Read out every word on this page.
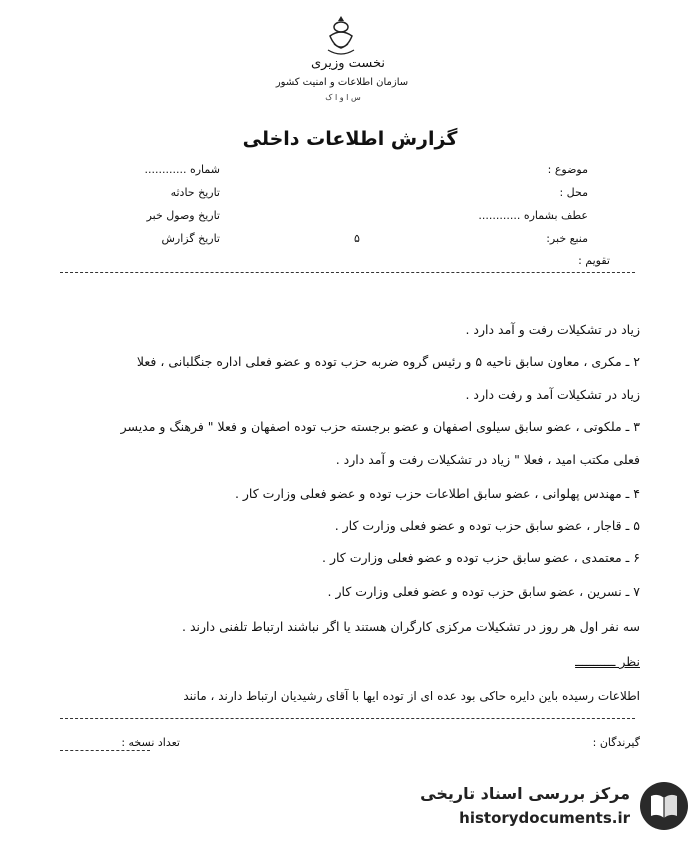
نخست وزیری
سازمان اطلاعات و امنیت کشور
س ا و ا ک
گزارش اطلاعات داخلی
موضوع :
محل :
عطف بشماره ............
منبع خبر:
تقویم :
شماره ............
تاریخ حادثه
تاریخ وصول خبر
تاریخ گزارش	۵
زیاد در تشکیلات رفت و آمد دارد .
۲ ـ مکری ، معاون سابق ناحیه ۵ و رئیس گروه ضربه حزب توده و عضو فعلی اداره جنگلبانی ، فعلا
زیاد در تشکیلات آمد و رفت دارد .
۳ ـ ملکوتی ، عضو سابق سیلوی اصفهان و عضو برجسته حزب توده اصفهان و فعلا " فرهنگ و مدیسر
فعلی مکتب امید ، فعلا " زیاد در تشکیلات رفت و آمد دارد .
۴ ـ مهندس پهلوانی ، عضو سابق اطلاعات حزب توده و عضو فعلی وزارت کار .
۵ ـ قاجار ، عضو سابق حزب توده و عضو فعلی وزارت کار .
۶ ـ معتمدی ، عضو سابق حزب توده و عضو فعلی وزارت کار .
۷ ـ نسرین ، عضو سابق حزب توده و عضو فعلی وزارت کار .
سه نفر اول هر روز در تشکیلات مرکزی کارگران هستند یا اگر نباشند ارتباط تلفنی دارند .
نظر ـــــــــــ
اطلاعات رسیده باین دایره حاکی بود عده ای از توده ایها با آقای رشیدیان ارتباط دارند ، مانند
گیرندگان :
تعداد نسخه :
مرکز بررسی اسناد تاریخی
historydocuments.ir
